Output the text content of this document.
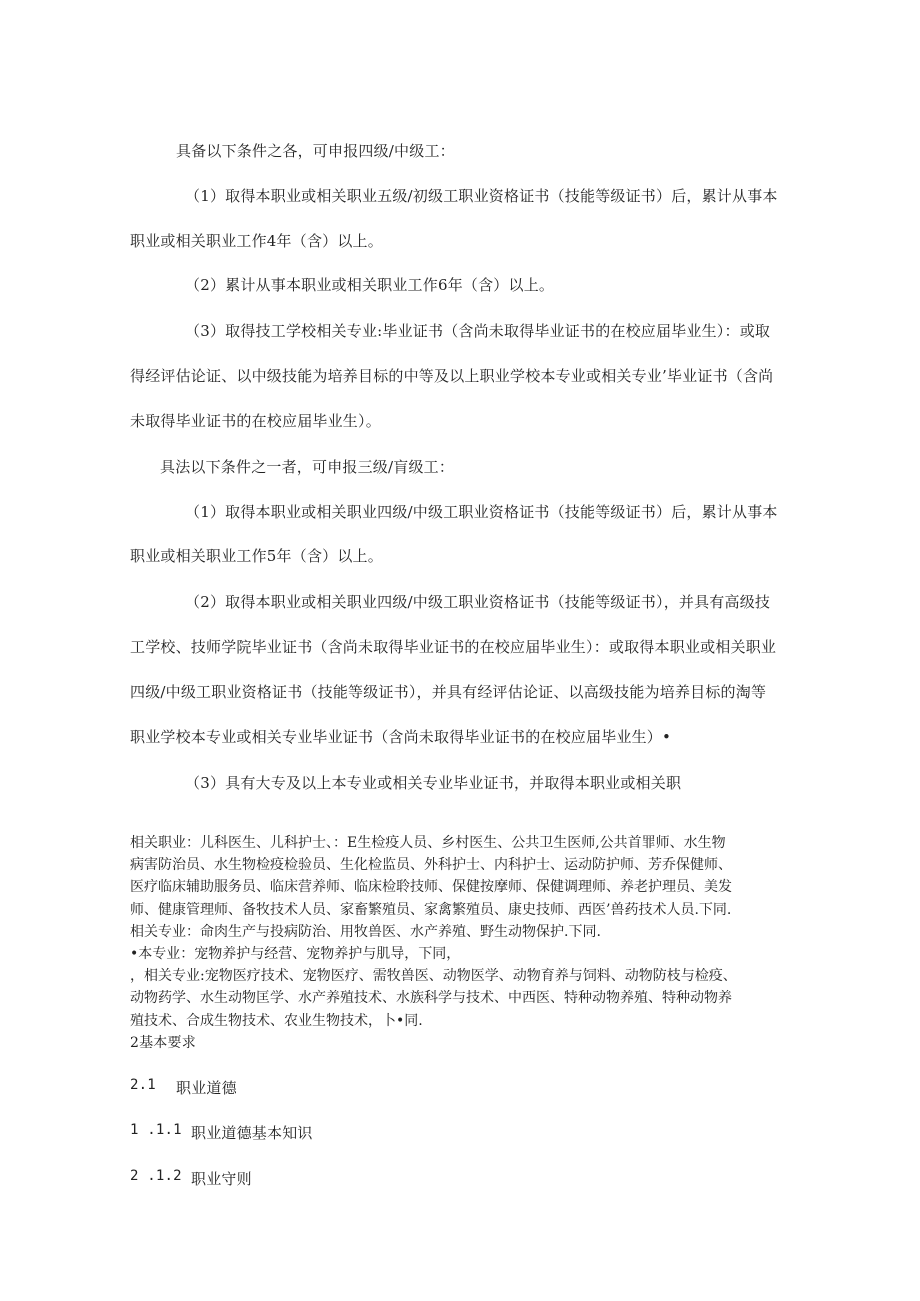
具备以下条件之各，可申报四级/中级工：

（1）取得本职业或相关职业五级/初级工职业资格证书（技能等级证书）后，累计从事本

职业或相关职业工作4年（含）以上。

（2）累计从事本职业或相关职业工作6年（含）以上。

（3）取得技工学校相关专业:毕业证书（含尚未取得毕业证书的在校应届毕业生）：或取

得经评估论证、以中级技能为培养目标的中等及以上职业学校本专业或相关专业’毕业证书（含尚

未取得毕业证书的在校应届毕业生）。

具法以下条件之一者，可申报三级/肓级工：

（1）取得本职业或相关职业四级/中级工职业资格证书（技能等级证书）后，累计从事本

职业或相关职业工作5年（含）以上。

（2）取得本职业或相关职业四级/中级工职业资格证书（技能等级证书），并具有高级技

工学校、技师学院毕业证书（含尚未取得毕业证书的在校应届毕业生）：或取得本职业或相关职业

四级/中级工职业资格证书（技能等级证书），并具有经评估论证、以高级技能为培养目标的淘等

职业学校本专业或相关专业毕业证书（含尚未取得毕业证书的在校应届毕业生）•

（3）具有大专及以上本专业或相关专业毕业证书，并取得本职业或相关职

相关职业：儿科医生、儿科护士、：E生检疫人员、乡村医生、公共卫生医师,公共首罪师、水生物

病害防治员、水生物检疫检验员、生化检监员、外科护士、内科护士、运动防护师、芳乔保健师、

医疗临床辅助服务员、临床营养师、临床检聆技师、保健按摩师、保健调理师、养老护理员、美发

师、健康管理师、备牧技术人员、家畜繁殖员、家禽繁殖员、康史技师、西医’兽药技术人员.下同.

相关专业：命肉生产与投病防治、用牧兽医、水产养殖、野生动物保护.下同.

•本专业：宠物养护与经营、宠物养护与肌导，下同，

，相关专业:宠物医疗技术、宠物医疗、需牧兽医、动物医学、动物育养与饲料、动物防枝与检疫、

动物药学、水生动物匡学、水产养殖技术、水族科学与技术、中西医、特种动物养殖、特种动物养

殖技术、合成生物技术、农业生物技术，卜•同.

2基本要求

2.1 职业道德

1 .1.1 职业道德基本知识

2 .1.2 职业守则
